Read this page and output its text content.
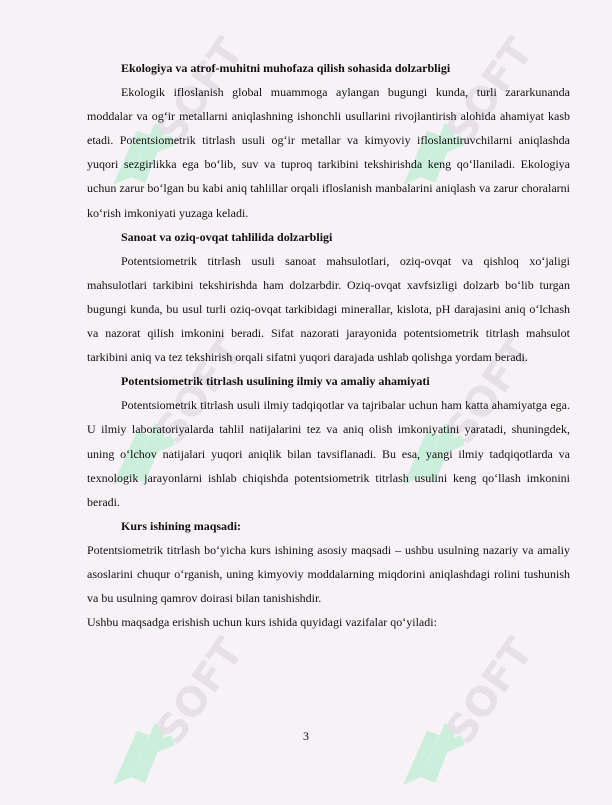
Ekologiya va atrof-muhitni muhofaza qilish sohasida dolzarbligi

Ekologik ifloslanish global muammoga aylangan bugungi kunda, turli zararkunanda moddalar va og‘ir metallarni aniqlashning ishonchli usullarini rivojlantirish alohida ahamiyat kasb etadi. Potentsiometrik titrlash usuli og‘ir metallar va kimyoviy ifloslantiruvchilarni aniqlashda yuqori sezgirlikka ega bo‘lib, suv va tuproq tarkibini tekshirishda keng qo‘llaniladi. Ekologiya uchun zarur bo‘lgan bu kabi aniq tahlillar orqali ifloslanish manbalarini aniqlash va zarur choralarni ko‘rish imkoniyati yuzaga keladi.

Sanoat va oziq-ovqat tahlilida dolzarbligi

Potentsiometrik titrlash usuli sanoat mahsulotlari, oziq-ovqat va qishloq xo‘jaligi mahsulotlari tarkibini tekshirishda ham dolzarbdir. Oziq-ovqat xavfsizligi dolzarb bo‘lib turgan bugungi kunda, bu usul turli oziq-ovqat tarkibidagi minerallar, kislota, pH darajasini aniq o‘lchash va nazorat qilish imkonini beradi. Sifat nazorati jarayonida potentsiometrik titrlash mahsulot tarkibini aniq va tez tekshirish orqali sifatni yuqori darajada ushlab qolishga yordam beradi.

Potentsiometrik titrlash usulining ilmiy va amaliy ahamiyati

Potentsiometrik titrlash usuli ilmiy tadqiqotlar va tajribalar uchun ham katta ahamiyatga ega. U ilmiy laboratoriyalarda tahlil natijalarini tez va aniq olish imkoniyatini yaratadi, shuningdek, uning o‘lchov natijalari yuqori aniqlik bilan tavsiflanadi. Bu esa, yangi ilmiy tadqiqotlarda va texnologik jarayonlarni ishlab chiqishda potentsiometrik titrlash usulini keng qo‘llash imkonini beradi.

Kurs ishining maqsadi:

Potentsiometrik titrlash bo‘yicha kurs ishining asosiy maqsadi – ushbu usulning nazariy va amaliy asoslarini chuqur o‘rganish, uning kimyoviy moddalarning miqdorini aniqlashdagi rolini tushunish va bu usulning qamrov doirasi bilan tanishishdir.

Ushbu maqsadga erishish uchun kurs ishida quyidagi vazifalar qo‘yiladi:

3
